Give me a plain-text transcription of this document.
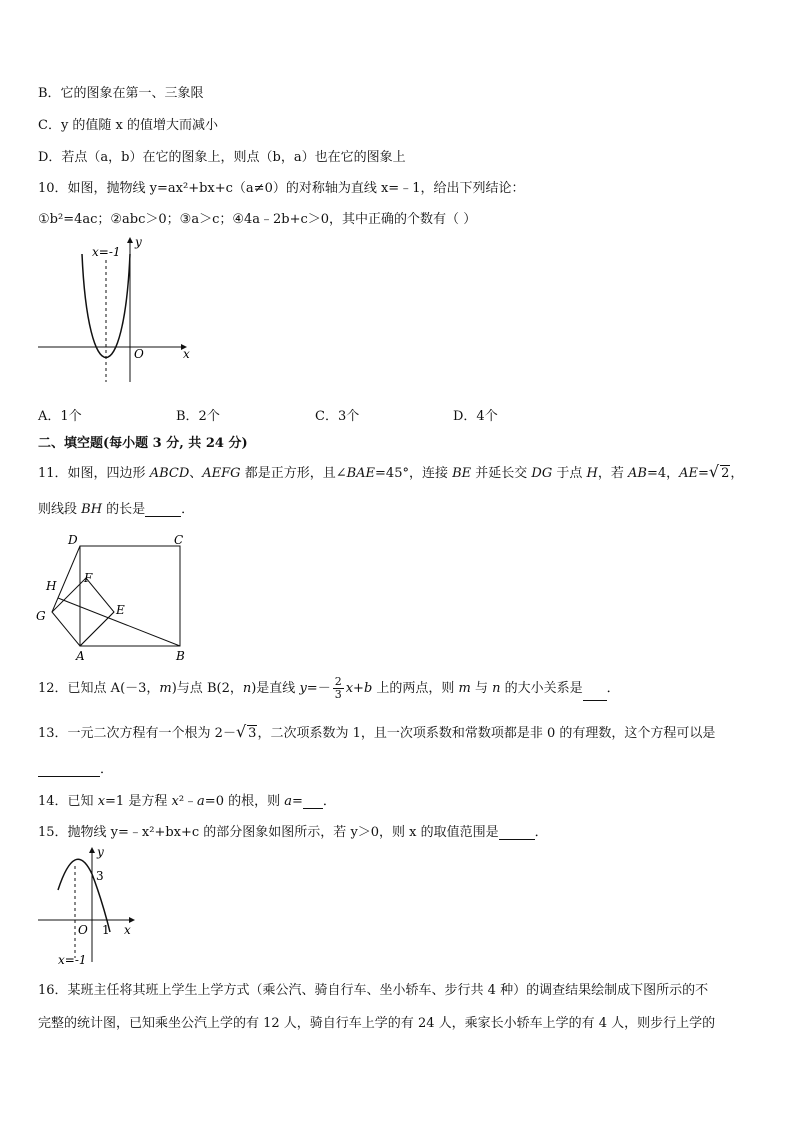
B．它的图象在第一、三象限
C．y 的值随 x 的值增大而减小
D．若点（a，b）在它的图象上，则点（b，a）也在它的图象上
10．如图，抛物线 y=ax²+bx+c（a≠0）的对称轴为直线 x=﹣1，给出下列结论：
①b²=4ac；②abc＞0；③a＞c；④4a﹣2b+c＞0，其中正确的个数有（ ）
x=-1
y
x
O
A．1个	B．2个	C．3个	D．4个
二、填空题(每小题 3 分, 共 24 分)
11．如图，四边形 ABCD、AEFG 都是正方形，且∠BAE=45°，连接 BE 并延长交 DG 于点 H，若 AB=4，AE=√ 2，
则线段 BH 的长是	．
D	C
H
F
G	E
A	B
12．已知点 A(－3，m)与点 B(2，n)是直线 $y=- \frac{2}{3} x+b$ 上的两点，则 m 与 n 的大小关系是 ．
13．一元二次方程有一个根为 2－√ 3，二次项系数为 1，且一次项系数和常数项都是非 0 的有理数，这个方程可以是
．
14．已知 x=1 是方程 x²﹣a=0 的根，则 a= ．
15．抛物线 y=﹣x²+bx+c 的部分图象如图所示，若 y＞0，则 x 的取值范围是	．
y
3
O 1 x
x=-1
16．某班主任将其班上学生上学方式（乘公汽、骑自行车、坐小轿车、步行共 4 种）的调查结果绘制成下图所示的不
完整的统计图，已知乘坐公汽上学的有 12 人，骑自行车上学的有 24 人，乘家长小轿车上学的有 4 人，则步行上学的
